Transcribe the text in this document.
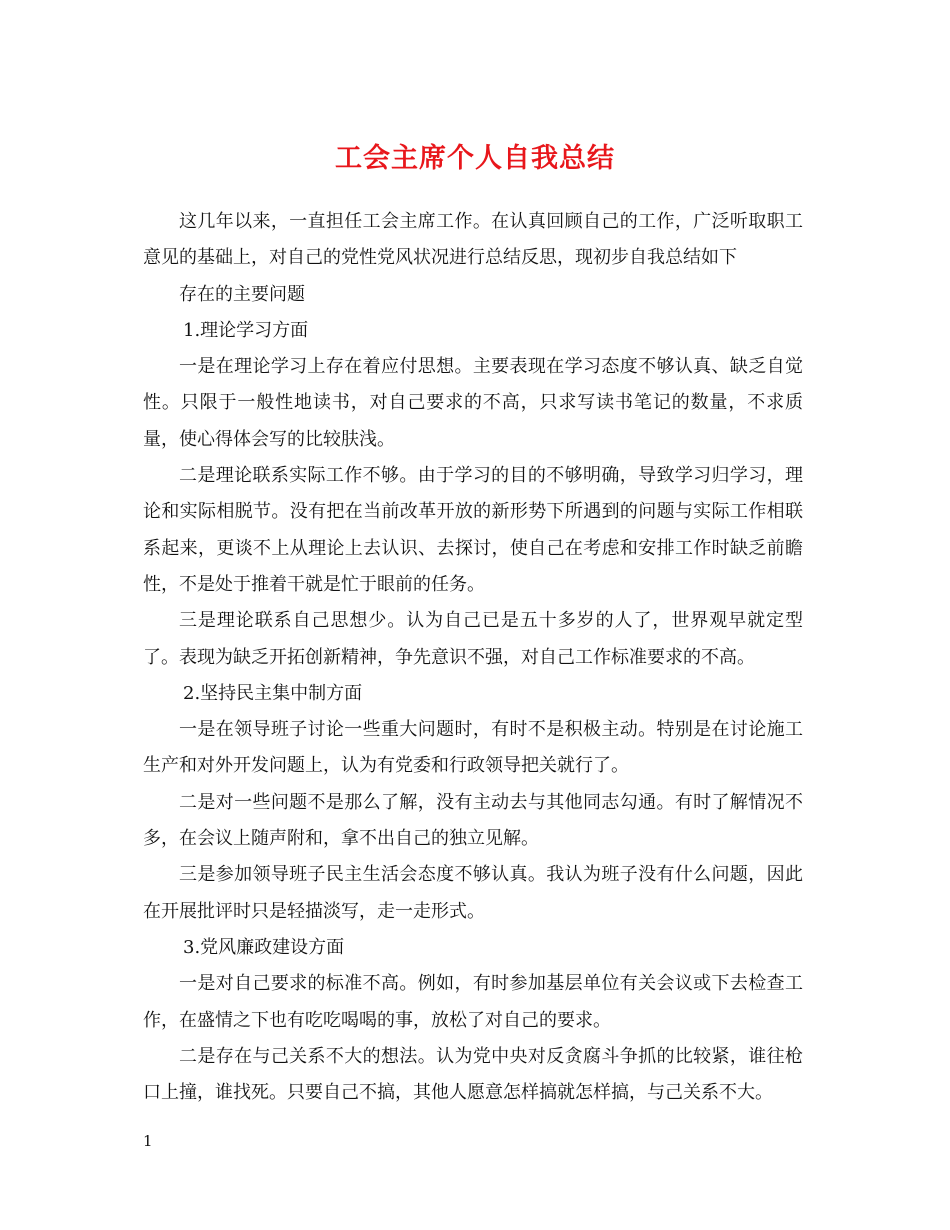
工会主席个人自我总结

这几年以来，一直担任工会主席工作。在认真回顾自己的工作，广泛听取职工意见的基础上，对自己的党性党风状况进行总结反思，现初步自我总结如下

存在的主要问题

1.理论学习方面

一是在理论学习上存在着应付思想。主要表现在学习态度不够认真、缺乏自觉性。只限于一般性地读书，对自己要求的不高，只求写读书笔记的数量，不求质量，使心得体会写的比较肤浅。

二是理论联系实际工作不够。由于学习的目的不够明确，导致学习归学习，理论和实际相脱节。没有把在当前改革开放的新形势下所遇到的问题与实际工作相联系起来，更谈不上从理论上去认识、去探讨，使自己在考虑和安排工作时缺乏前瞻性，不是处于推着干就是忙于眼前的任务。

三是理论联系自己思想少。认为自己已是五十多岁的人了，世界观早就定型了。表现为缺乏开拓创新精神，争先意识不强，对自己工作标准要求的不高。

2.坚持民主集中制方面

一是在领导班子讨论一些重大问题时，有时不是积极主动。特别是在讨论施工生产和对外开发问题上，认为有党委和行政领导把关就行了。

二是对一些问题不是那么了解，没有主动去与其他同志勾通。有时了解情况不多，在会议上随声附和，拿不出自己的独立见解。

三是参加领导班子民主生活会态度不够认真。我认为班子没有什么问题，因此在开展批评时只是轻描淡写，走一走形式。

3.党风廉政建设方面

一是对自己要求的标准不高。例如，有时参加基层单位有关会议或下去检查工作，在盛情之下也有吃吃喝喝的事，放松了对自己的要求。

二是存在与己关系不大的想法。认为党中央对反贪腐斗争抓的比较紧，谁往枪口上撞，谁找死。只要自己不搞，其他人愿意怎样搞就怎样搞，与己关系不大。

1
